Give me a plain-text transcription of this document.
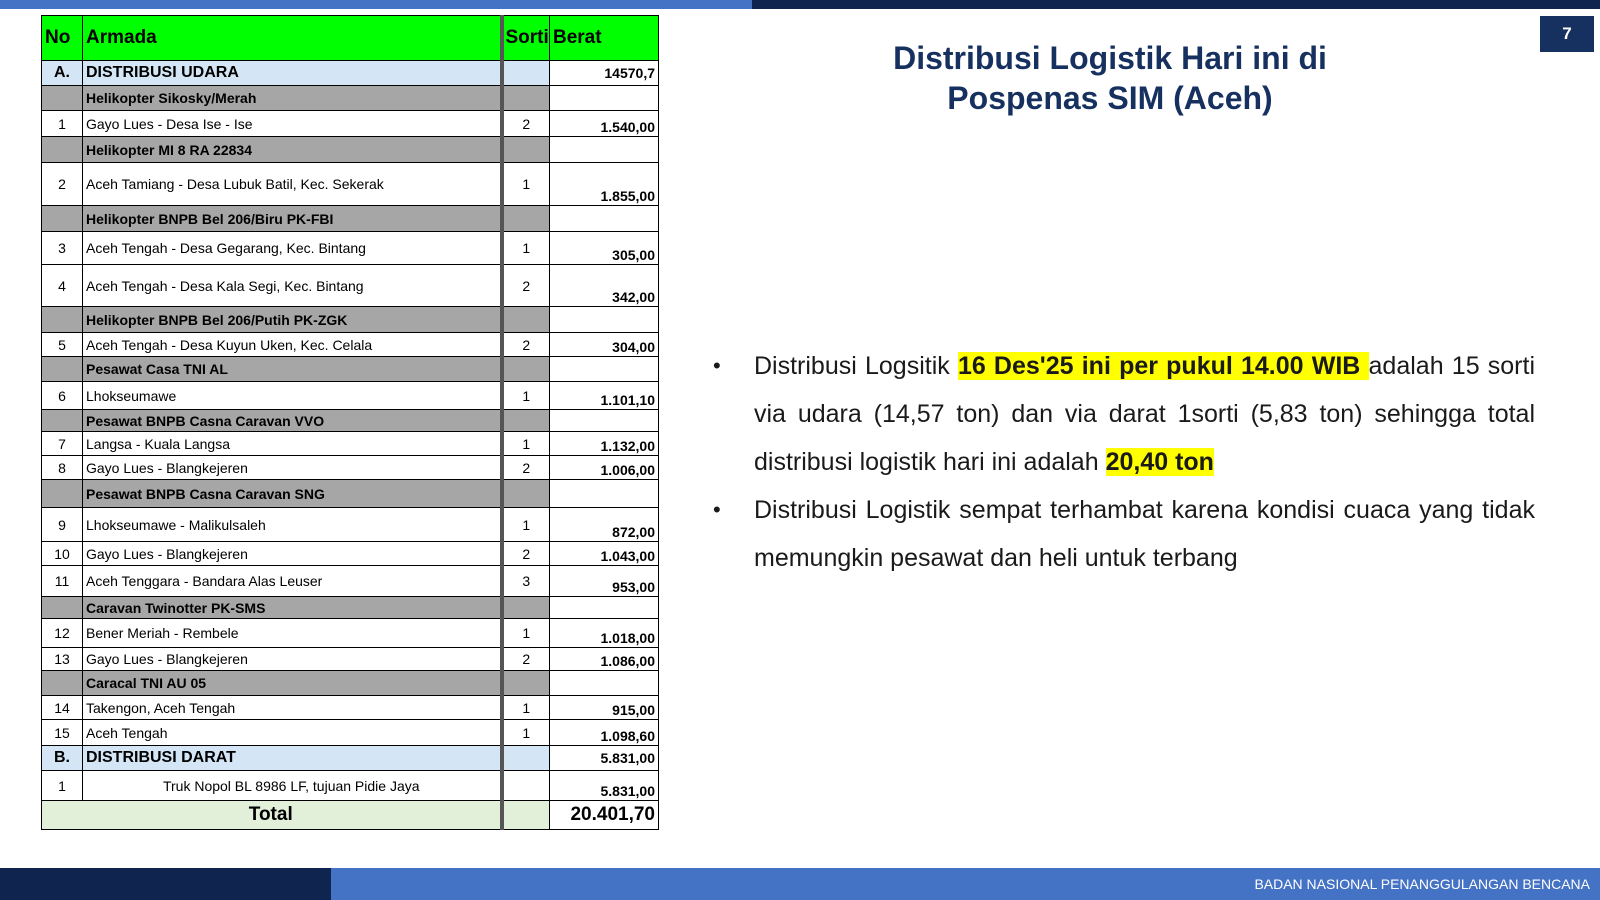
7
No	Armada	Sorti	Berat
A.	DISTRIBUSI UDARA		14570,7
	Helikopter Sikosky/Merah		
1	Gayo Lues - Desa Ise - Ise	2	1.540,00
	Helikopter MI 8 RA 22834		
2	Aceh Tamiang - Desa Lubuk Batil, Kec. Sekerak	1	1.855,00
	Helikopter BNPB Bel 206/Biru PK-FBI		
3	Aceh Tengah - Desa Gegarang, Kec. Bintang	1	305,00
4	Aceh Tengah - Desa Kala Segi, Kec. Bintang	2	342,00
	Helikopter BNPB Bel 206/Putih PK-ZGK		
5	Aceh Tengah - Desa Kuyun Uken, Kec. Celala	2	304,00
	Pesawat Casa TNI AL		
6	Lhokseumawe	1	1.101,10
	Pesawat BNPB Casna Caravan VVO		
7	Langsa - Kuala Langsa	1	1.132,00
8	Gayo Lues - Blangkejeren	2	1.006,00
	Pesawat BNPB Casna Caravan SNG		
9	Lhokseumawe - Malikulsaleh	1	872,00
10	Gayo Lues - Blangkejeren	2	1.043,00
11	Aceh Tenggara - Bandara Alas Leuser	3	953,00
	Caravan Twinotter PK-SMS		
12	Bener Meriah - Rembele	1	1.018,00
13	Gayo Lues - Blangkejeren	2	1.086,00
	Caracal TNI AU 05		
14	Takengon, Aceh Tengah	1	915,00
15	Aceh Tengah	1	1.098,60
B.	DISTRIBUSI DARAT		5.831,00
1	Truk Nopol BL 8986 LF, tujuan Pidie Jaya		5.831,00
Total			20.401,70
Distribusi Logistik Hari ini di
Pospenas SIM (Aceh)
•	Distribusi Logsitik 16 Des'25 ini per pukul 14.00 WIB adalah 15 sorti via udara (14,57 ton) dan via darat 1sorti (5,83 ton) sehingga total distribusi logistik hari ini adalah 20,40 ton
•	Distribusi Logistik sempat terhambat karena kondisi cuaca yang tidak memungkin pesawat dan heli untuk terbang
BADAN NASIONAL PENANGGULANGAN BENCANA
